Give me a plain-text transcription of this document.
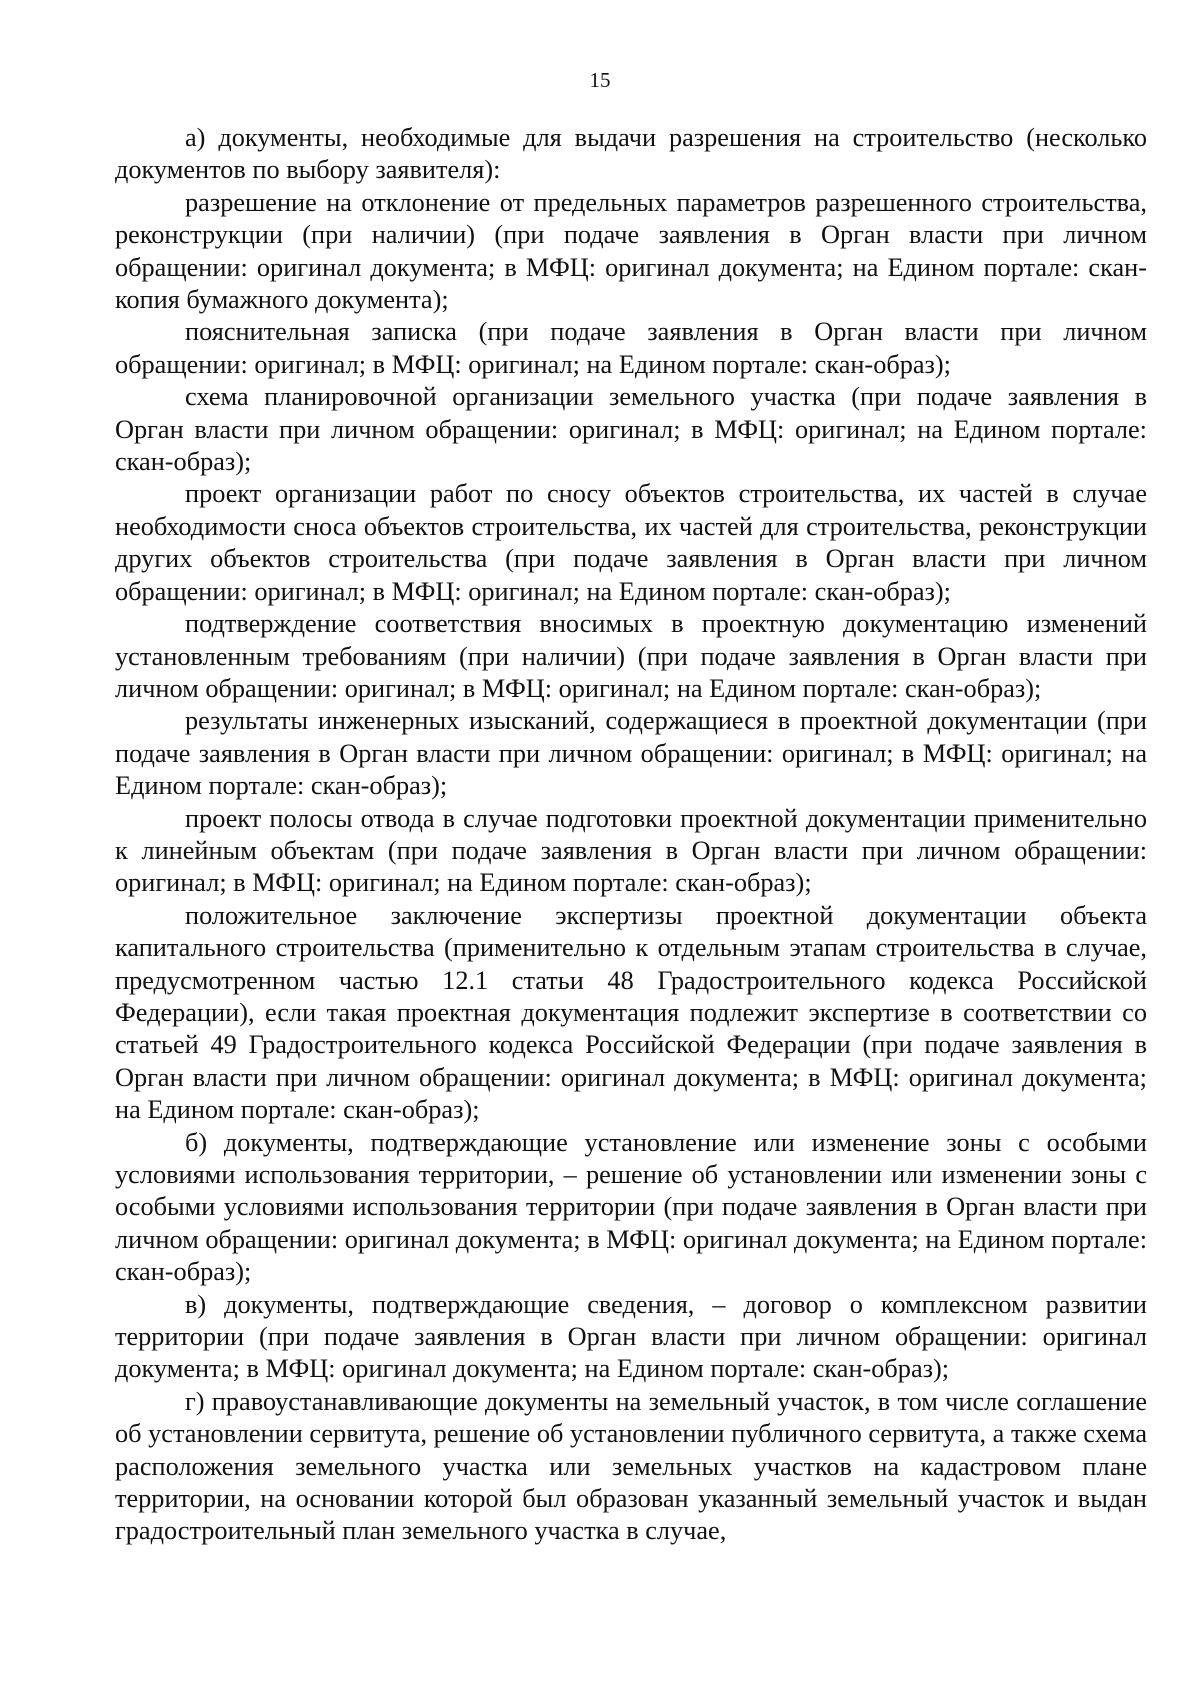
15

а) документы, необходимые для выдачи разрешения на строительство (несколько документов по выбору заявителя):

разрешение на отклонение от предельных параметров разрешенного строительства, реконструкции (при наличии) (при подаче заявления в Орган власти при личном обращении: оригинал документа; в МФЦ: оригинал документа; на Едином портале: скан-копия бумажного документа);

пояснительная записка (при подаче заявления в Орган власти при личном обращении: оригинал; в МФЦ: оригинал; на Едином портале: скан-образ);

схема планировочной организации земельного участка (при подаче заявления в Орган власти при личном обращении: оригинал; в МФЦ: оригинал; на Едином портале: скан-образ);

проект организации работ по сносу объектов строительства, их частей в случае необходимости сноса объектов строительства, их частей для строительства, реконструкции других объектов строительства (при подаче заявления в Орган власти при личном обращении: оригинал; в МФЦ: оригинал; на Едином портале: скан-образ);

подтверждение соответствия вносимых в проектную документацию изменений установленным требованиям (при наличии) (при подаче заявления в Орган власти при личном обращении: оригинал; в МФЦ: оригинал; на Едином портале: скан-образ);

результаты инженерных изысканий, содержащиеся в проектной документации (при подаче заявления в Орган власти при личном обращении: оригинал; в МФЦ: оригинал; на Едином портале: скан-образ);

проект полосы отвода в случае подготовки проектной документации применительно к линейным объектам (при подаче заявления в Орган власти при личном обращении: оригинал; в МФЦ: оригинал; на Едином портале: скан-образ);

положительное заключение экспертизы проектной документации объекта капитального строительства (применительно к отдельным этапам строительства в случае, предусмотренном частью 12.1 статьи 48 Градостроительного кодекса Российской Федерации), если такая проектная документация подлежит экспертизе в соответствии со статьей 49 Градостроительного кодекса Российской Федерации (при подаче заявления в Орган власти при личном обращении: оригинал документа; в МФЦ: оригинал документа; на Едином портале: скан-образ);

б) документы, подтверждающие установление или изменение зоны с особыми условиями использования территории, – решение об установлении или изменении зоны с особыми условиями использования территории (при подаче заявления в Орган власти при личном обращении: оригинал документа; в МФЦ: оригинал документа; на Едином портале: скан-образ);

в) документы, подтверждающие сведения, – договор о комплексном развитии территории (при подаче заявления в Орган власти при личном обращении: оригинал документа; в МФЦ: оригинал документа; на Едином портале: скан-образ);

г) правоустанавливающие документы на земельный участок, в том числе соглашение об установлении сервитута, решение об установлении публичного сервитута, а также схема расположения земельного участка или земельных участков на кадастровом плане территории, на основании которой был образован указанный земельный участок и выдан градостроительный план земельного участка в случае,
